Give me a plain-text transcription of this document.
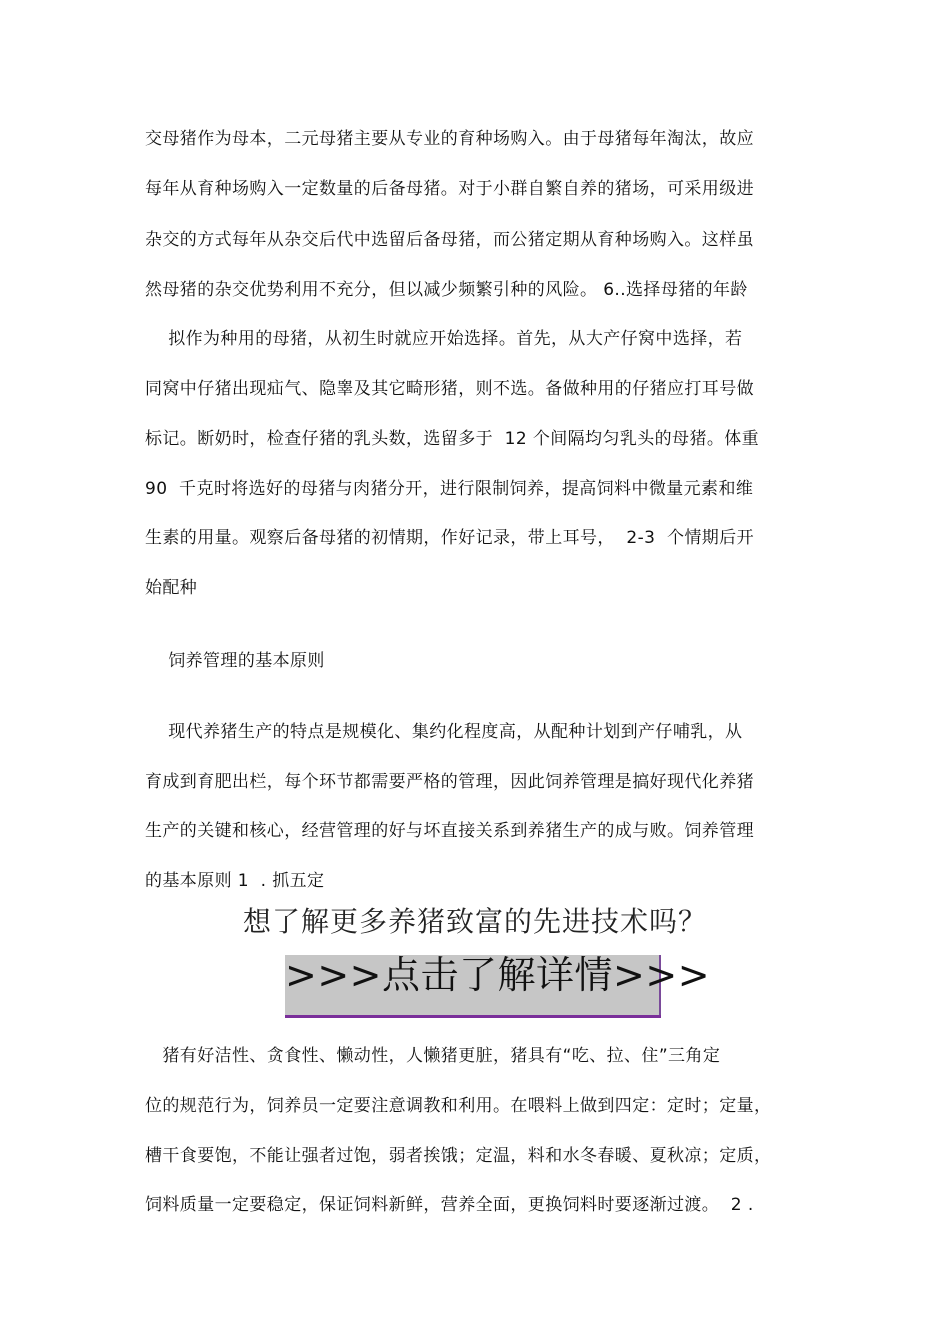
交母猪作为母本，二元母猪主要从专业的育种场购入。由于母猪每年淘汰，故应
每年从育种场购入一定数量的后备母猪。对于小群自繁自养的猪场，可采用级进
杂交的方式每年从杂交后代中选留后备母猪，而公猪定期从育种场购入。这样虽
然母猪的杂交优势利用不充分，但以减少频繁引种的风险。 6..选择母猪的年龄
拟作为种用的母猪，从初生时就应开始选择。首先，从大产仔窝中选择，若
同窝中仔猪出现疝气、隐睾及其它畸形猪，则不选。备做种用的仔猪应打耳号做
标记。断奶时，检查仔猪的乳头数，选留多于  12 个间隔均匀乳头的母猪。体重
90  千克时将选好的母猪与肉猪分开，进行限制饲养，提高饲料中微量元素和维
生素的用量。观察后备母猪的初情期，作好记录，带上耳号，  2-3  个情期后开
始配种
饲养管理的基本原则
现代养猪生产的特点是规模化、集约化程度高，从配种计划到产仔哺乳，从
育成到育肥出栏，每个环节都需要严格的管理，因此饲养管理是搞好现代化养猪
生产的关键和核心，经营管理的好与坏直接关系到养猪生产的成与败。饲养管理
的基本原则 1  . 抓五定
想了解更多养猪致富的先进技术吗？
>>>点击了解详情>>>
猪有好洁性、贪食性、懒动性，人懒猪更脏，猪具有“吃、拉、住”三角定
位的规范行为，饲养员一定要注意调教和利用。在喂料上做到四定：定时；定量，
槽干食要饱，不能让强者过饱，弱者挨饿；定温，料和水冬春暖、夏秋凉；定质，
饲料质量一定要稳定，保证饲料新鲜，营养全面，更换饲料时要逐渐过渡。  2 .
